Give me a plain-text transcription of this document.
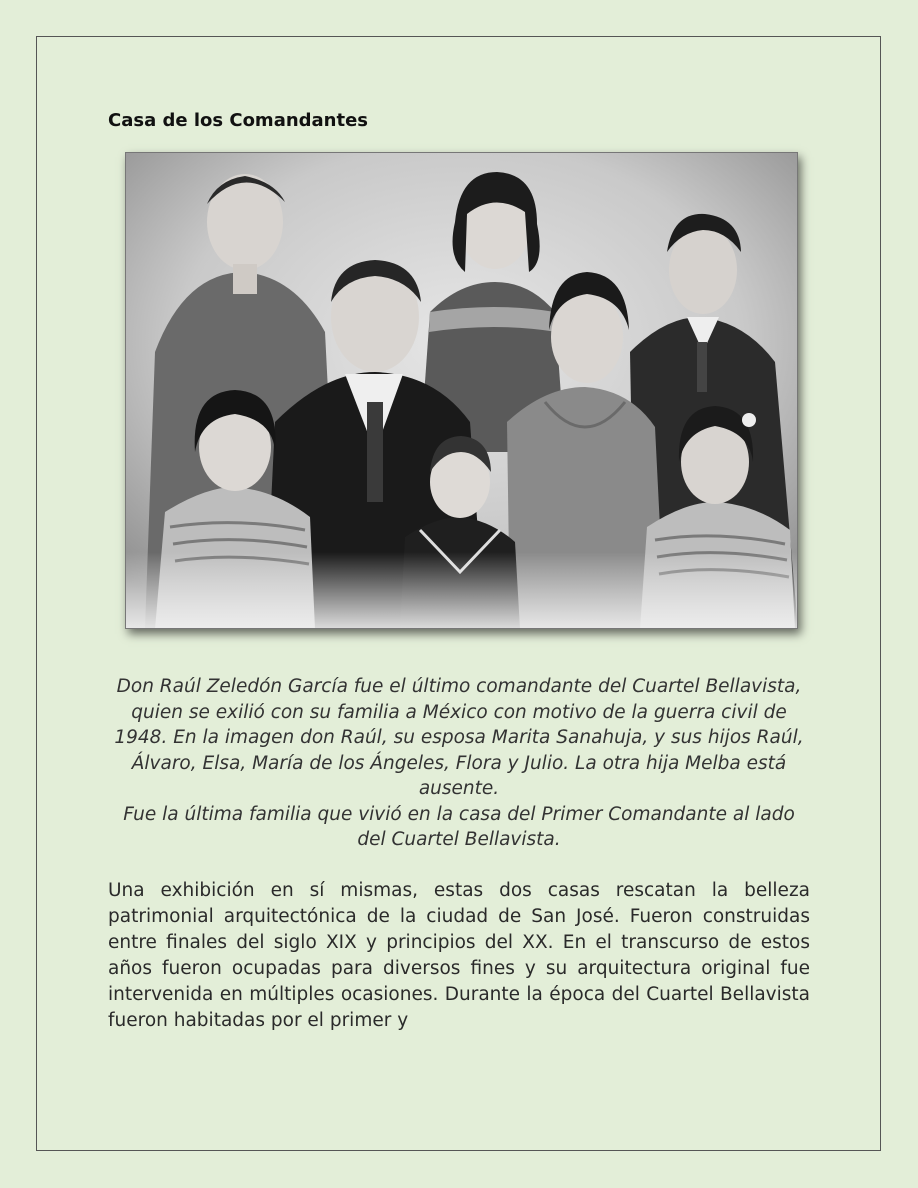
Casa de los Comandantes

Don Raúl Zeledón García fue el último comandante del Cuartel Bellavista, quien se exilió con su familia a México con motivo de la guerra civil de 1948. En la imagen don Raúl, su esposa Marita Sanahuja, y sus hijos Raúl, Álvaro, Elsa, María de los Ángeles, Flora y Julio. La otra hija Melba está ausente.
Fue la última familia que vivió en la casa del Primer Comandante al lado del Cuartel Bellavista.

Una exhibición en sí mismas, estas dos casas rescatan la belleza patrimonial arquitectónica de la ciudad de San José. Fueron construidas entre finales del siglo XIX y principios del XX. En el transcurso de estos años fueron ocupadas para diversos fines y su arquitectura original fue intervenida en múltiples ocasiones. Durante la época del Cuartel Bellavista fueron habitadas por el primer y
